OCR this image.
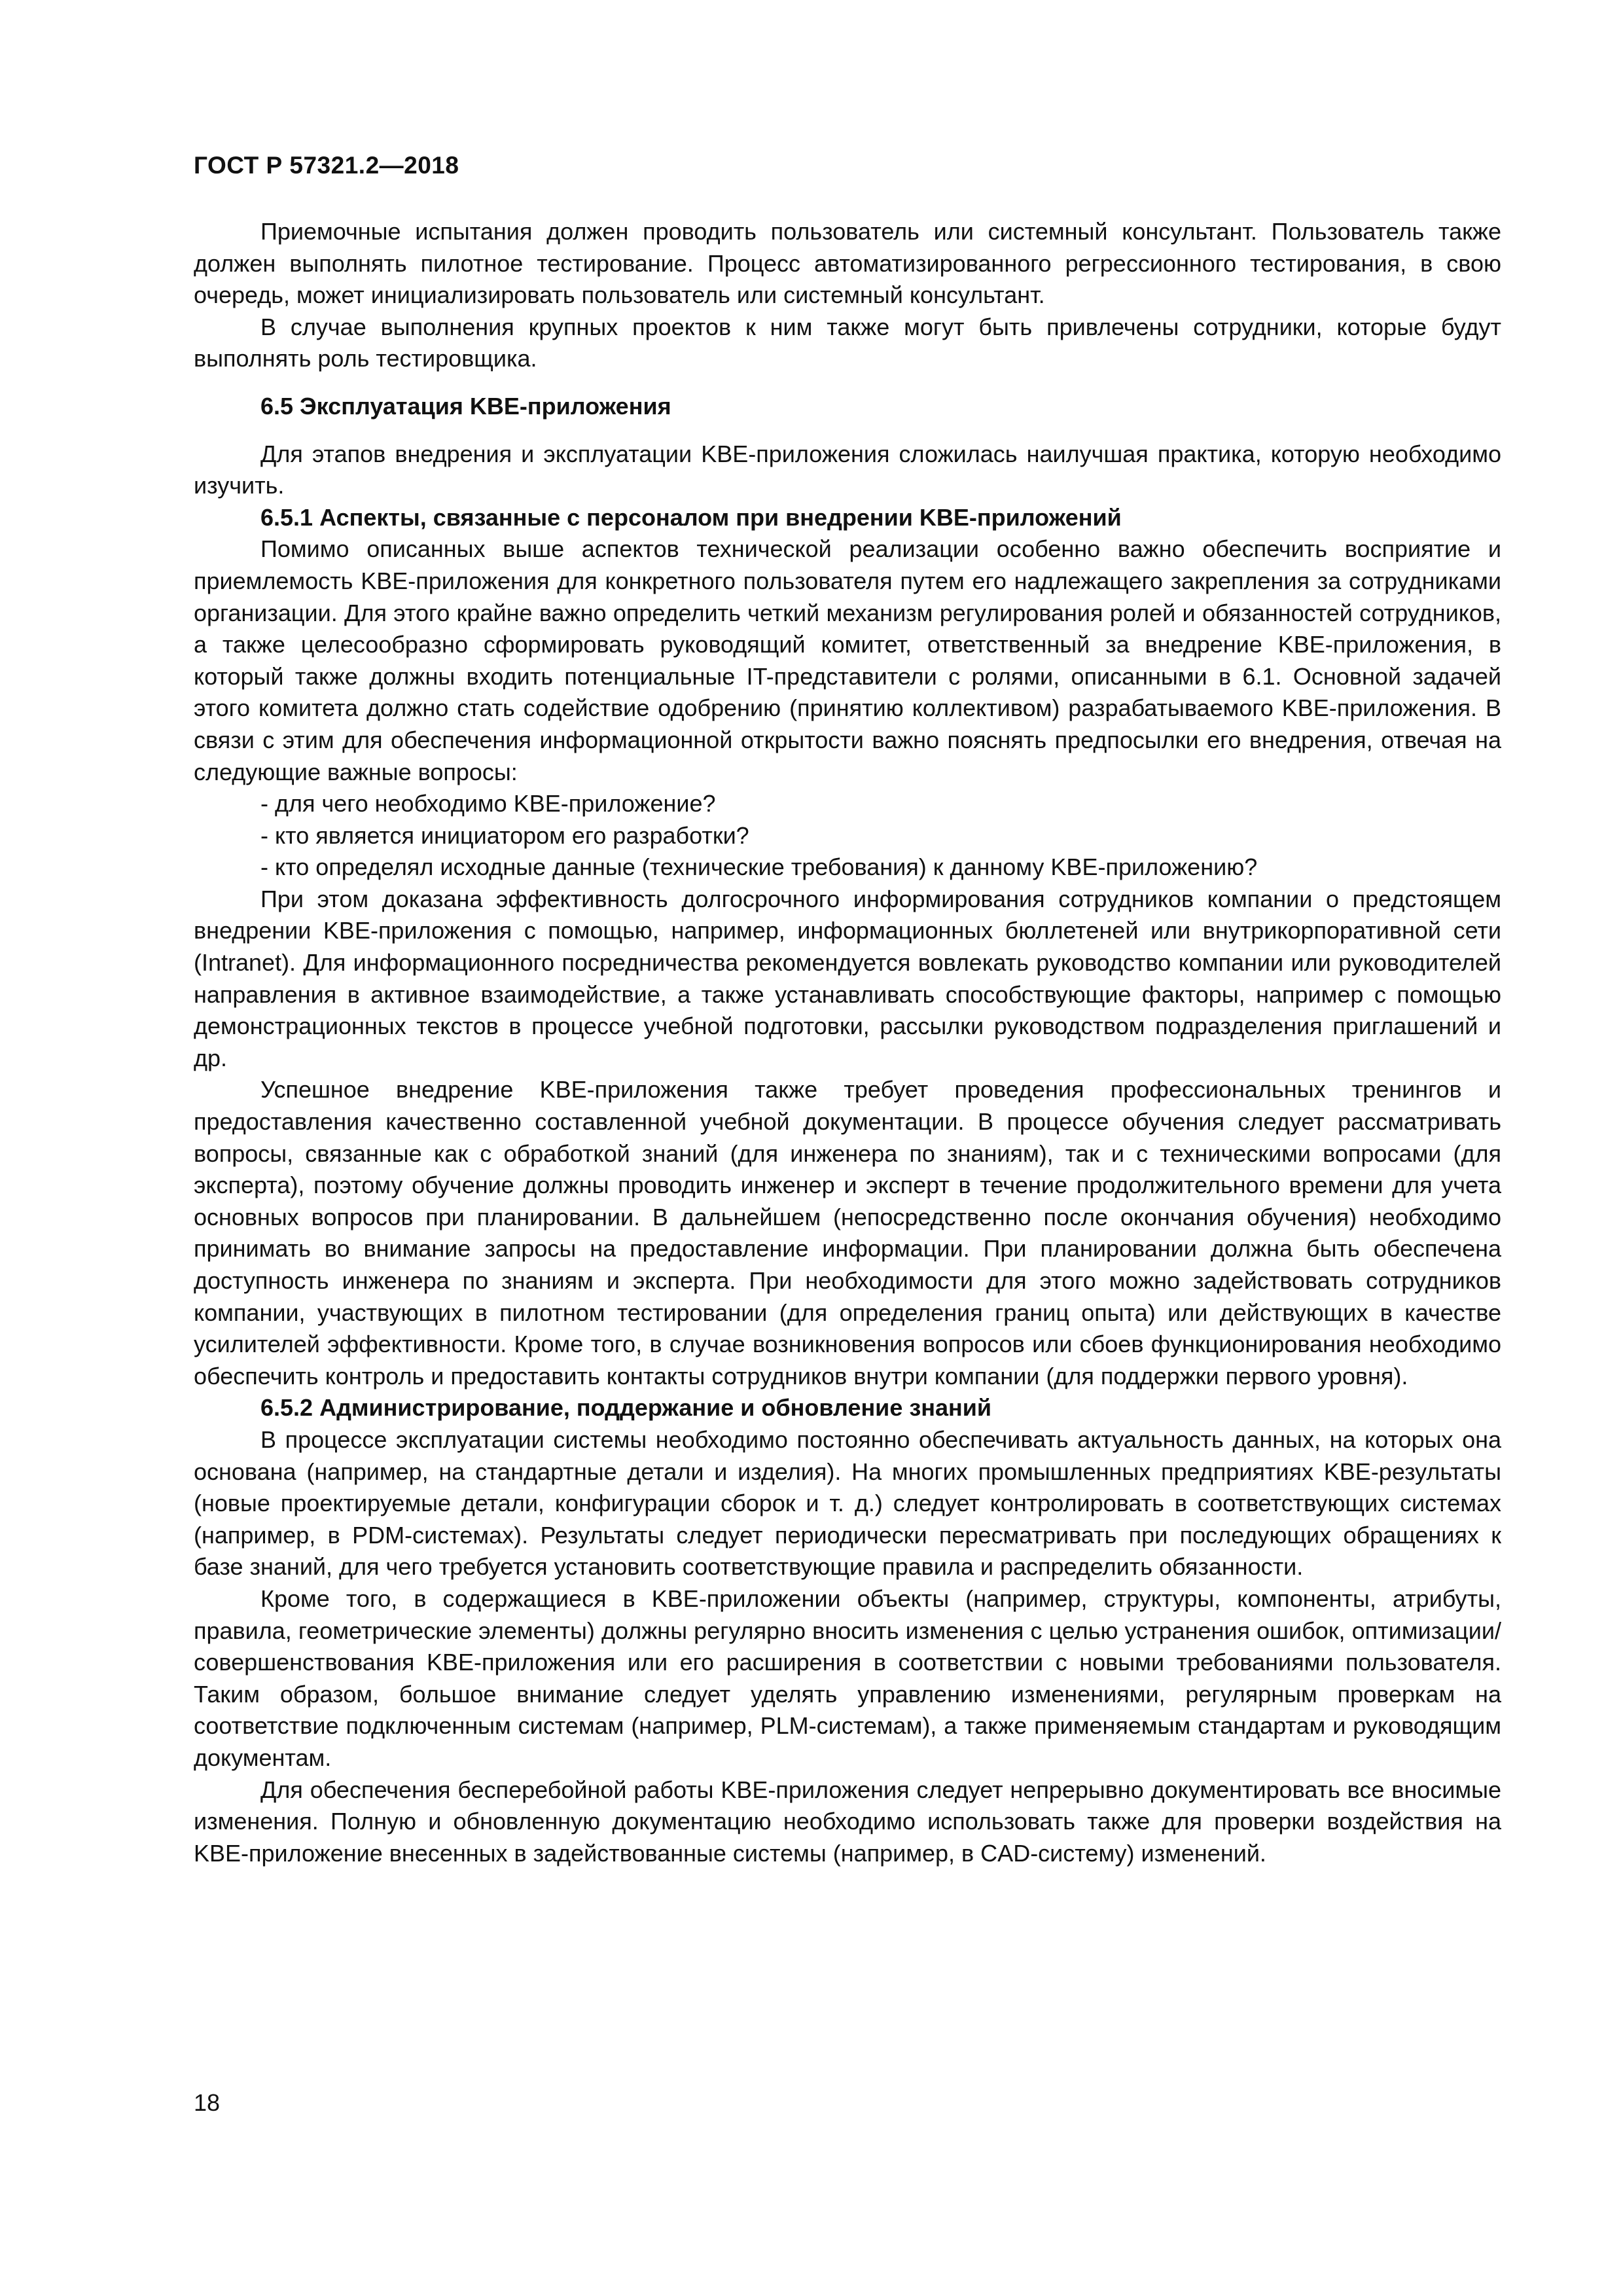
ГОСТ Р 57321.2—2018

Приемочные испытания должен проводить пользователь или системный консультант. Пользователь также должен выполнять пилотное тестирование. Процесс автоматизированного регрессионного тестирования, в свою очередь, может инициализировать пользователь или системный консультант.

В случае выполнения крупных проектов к ним также могут быть привлечены сотрудники, которые будут выполнять роль тестировщика.

6.5 Эксплуатация KBE-приложения

Для этапов внедрения и эксплуатации KBE-приложения сложилась наилучшая практика, которую необходимо изучить.

6.5.1 Аспекты, связанные с персоналом при внедрении KBE-приложений

Помимо описанных выше аспектов технической реализации особенно важно обеспечить восприятие и приемлемость KBE-приложения для конкретного пользователя путем его надлежащего закрепления за сотрудниками организации. Для этого крайне важно определить четкий механизм регулирования ролей и обязанностей сотрудников, а также целесообразно сформировать руководящий комитет, ответственный за внедрение KBE-приложения, в который также должны входить потенциальные IT-представители с ролями, описанными в 6.1. Основной задачей этого комитета должно стать содействие одобрению (принятию коллективом) разрабатываемого KBE-приложения. В связи с этим для обеспечения информационной открытости важно пояснять предпосылки его внедрения, отвечая на следующие важные вопросы:

- для чего необходимо KBE-приложение?

- кто является инициатором его разработки?

- кто определял исходные данные (технические требования) к данному KBE-приложению?

При этом доказана эффективность долгосрочного информирования сотрудников компании о предстоящем внедрении KBE-приложения с помощью, например, информационных бюллетеней или внутрикорпоративной сети (Intranet). Для информационного посредничества рекомендуется вовлекать руководство компании или руководителей направления в активное взаимодействие, а также устанавливать способствующие факторы, например с помощью демонстрационных текстов в процессе учебной подготовки, рассылки руководством подразделения приглашений и др.

Успешное внедрение KBE-приложения также требует проведения профессиональных тренингов и предоставления качественно составленной учебной документации. В процессе обучения следует рассматривать вопросы, связанные как с обработкой знаний (для инженера по знаниям), так и с техническими вопросами (для эксперта), поэтому обучение должны проводить инженер и эксперт в течение продолжительного времени для учета основных вопросов при планировании. В дальнейшем (непосредственно после окончания обучения) необходимо принимать во внимание запросы на предоставление информации. При планировании должна быть обеспечена доступность инженера по знаниям и эксперта. При необходимости для этого можно задействовать сотрудников компании, участвующих в пилотном тестировании (для определения границ опыта) или действующих в качестве усилителей эффективности. Кроме того, в случае возникновения вопросов или сбоев функционирования необходимо обеспечить контроль и предоставить контакты сотрудников внутри компании (для поддержки первого уровня).

6.5.2 Администрирование, поддержание и обновление знаний

В процессе эксплуатации системы необходимо постоянно обеспечивать актуальность данных, на которых она основана (например, на стандартные детали и изделия). На многих промышленных предприятиях KBE-результаты (новые проектируемые детали, конфигурации сборок и т. д.) следует контролировать в соответствующих системах (например, в PDM-системах). Результаты следует периодически пересматривать при последующих обращениях к базе знаний, для чего требуется установить соответствующие правила и распределить обязанности.

Кроме того, в содержащиеся в KBE-приложении объекты (например, структуры, компоненты, атрибуты, правила, геометрические элементы) должны регулярно вносить изменения с целью устранения ошибок, оптимизации/совершенствования KBE-приложения или его расширения в соответствии с новыми требованиями пользователя. Таким образом, большое внимание следует уделять управлению изменениями, регулярным проверкам на соответствие подключенным системам (например, PLM-системам), а также применяемым стандартам и руководящим документам.

Для обеспечения бесперебойной работы KBE-приложения следует непрерывно документировать все вносимые изменения. Полную и обновленную документацию необходимо использовать также для проверки воздействия на KBE-приложение внесенных в задействованные системы (например, в CAD-систему) изменений.

18
